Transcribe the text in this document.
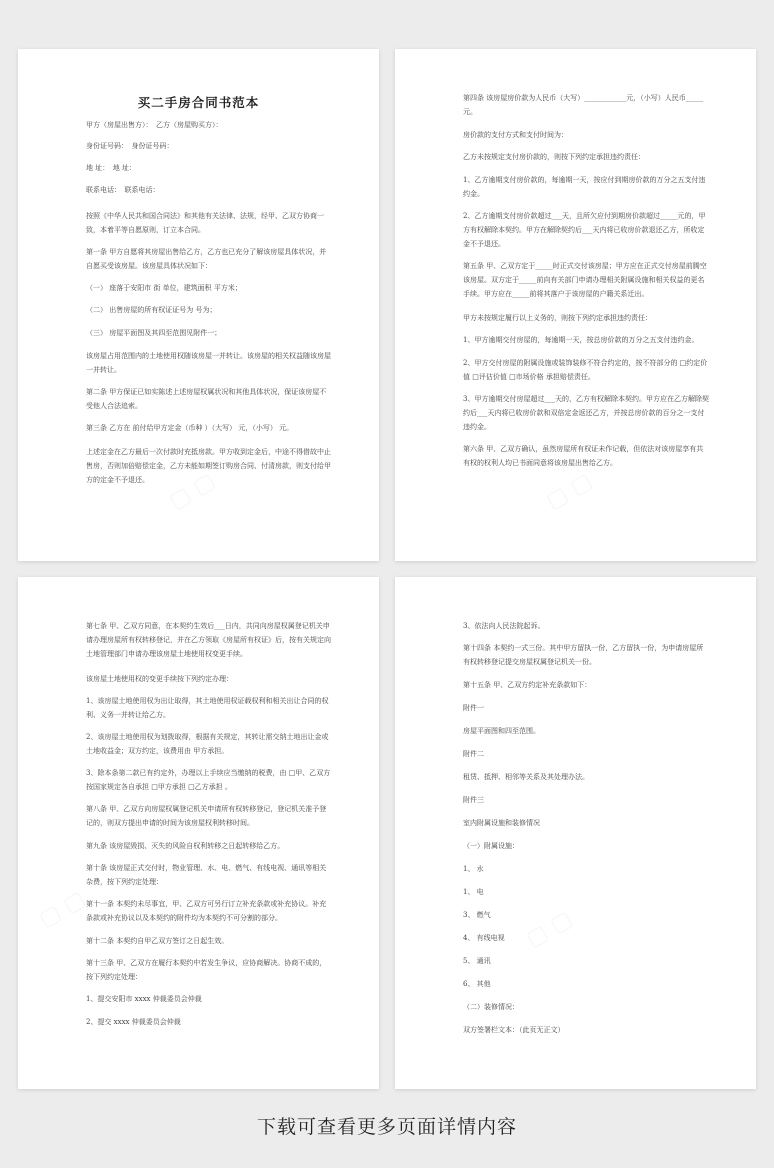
买二手房合同书范本
甲方（房屋出售方）：　乙方（房屋购买方）：
身份证号码：　身份证号码：
地 址：　地 址：
联系电话：　联系电话：
按照《中华人民共和国合同法》和其他有关法律、法规，经甲、乙双方协商一致，本着平等自愿原则，订立本合同。
第一条 甲方自愿将其房屋出售给乙方，乙方也已充分了解该房屋具体状况，并自愿买受该房屋。该房屋具体状况如下：
（一） 座落于安阳市 街 单位，建筑面积 平方米；
（二） 出售房屋的所有权证证号为 号为；
（三） 房屋平面图及其四至范围见附件一；
该房屋占用范围内的土地使用权随该房屋一并转让。该房屋的相关权益随该房屋一并转让。
第二条 甲方保证已如实陈述上述房屋权属状况和其他具体状况，保证该房屋不受他人合法追索。
第三条 乙方在 前付给甲方定金（币种 ）（大写） 元，（小写） 元。
上述定金在乙方最后一次付款时充抵房款。甲方收到定金后，中途不得借故中止售房，否则加倍赔偿定金，乙方未能如期签订购房合同、付清房款，则支付给甲方的定金不予退还。
第四条 该房屋房价款为人民币（大写）____________元，（小写）人民币_____元。
房价款的支付方式和支付时间为：
乙方未按规定支付房价款的，则按下列约定承担违约责任：
1、乙方逾期支付房价款的，每逾期一天，按应付到期房价款的万分之五支付违约金。
2、乙方逾期支付房价款超过___天，且所欠应付到期房价款超过_____元的，甲方有权解除本契约。甲方在解除契约后___天内将已收房价款退还乙方，所收定金不予退还。
第五条 甲、乙双方定于_____时正式交付该房屋；甲方应在正式交付房屋前腾空该房屋。双方定于_____前向有关部门申请办理相关附属设施和相关权益的更名手续。甲方应在_____前将其落户于该房屋的户籍关系迁出。
甲方未按规定履行以上义务的，则按下列约定承担违约责任：
1、甲方逾期交付房屋的，每逾期一天，按总房价款的万分之五支付违约金。
2、甲方交付房屋的附属设施或装饰装修不符合约定的，按不符部分的 □约定价值 □评估价值 □市场价格 承担赔偿责任。
3、甲方逾期交付房屋超过___天的，乙方有权解除本契约。甲方应在乙方解除契约后___天内将已收房价款和双倍定金返还乙方，并按总房价款的百分之一支付违约金。
第六条 甲、乙双方确认，虽然房屋所有权证未作记载，但依法对该房屋享有共有权的权利人均已书面同意将该房屋出售给乙方。
第七条 甲、乙双方同意，在本契约生效后___日内，共同向房屋权属登记机关申请办理房屋所有权转移登记，并在乙方领取《房屋所有权证》后，按有关规定向土地管理部门申请办理该房屋土地使用权变更手续。
该房屋土地使用权的变更手续按下列约定办理：
1、该房屋土地使用权为出让取得，其土地使用权证载权利和相关出让合同的权利、义务一并转让给乙方。
2、该房屋土地使用权为划拨取得，根据有关规定，其转让需交纳土地出让金或土地收益金；双方约定，该费用由 甲方承担。
3、除本条第二款已有约定外，办理以上手续应当缴纳的税费，由 □甲、乙双方按国家规定各自承担 □甲方承担 □乙方承担 。
第八条 甲、乙双方向房屋权属登记机关申请所有权转移登记，登记机关准予登记的，则双方提出申请的时间为该房屋权利转移时间。
第九条 该房屋毁损、灭失的风险自权利转移之日起转移给乙方。
第十条 该房屋正式交付时，物业管理、水、电、燃气、有线电视、通讯等相关杂费，按下列约定处理：
第十一条 本契约未尽事宜，甲、乙双方可另行订立补充条款或补充协议。补充条款或补充协议以及本契约的附件均为本契约不可分割的部分。
第十二条 本契约自甲乙双方签订之日起生效。
第十三条 甲、乙双方在履行本契约中若发生争议，应协商解决。协商不成的，按下列约定处理：
1、提交安阳市 xxxx 仲裁委员会仲裁
2、提交 xxxx 仲裁委员会仲裁
3、依法向人民法院起诉。
第十四条 本契约一式三份。其中甲方留执一份，乙方留执一份，为申请房屋所有权转移登记提交房屋权属登记机关一份。
第十五条 甲、乙双方约定补充条款如下：
附件一
房屋平面图和四至范围。
附件二
租赁、抵押、相邻等关系及其处理办法。
附件三
室内附属设施和装修情况
（一）附属设施：
1、 水
1、 电
3、 燃气
4、 有线电视
5、 通讯
6、 其他
（二）装修情况：
双方签署栏文本：（此页无正文）
下载可查看更多页面详情内容
